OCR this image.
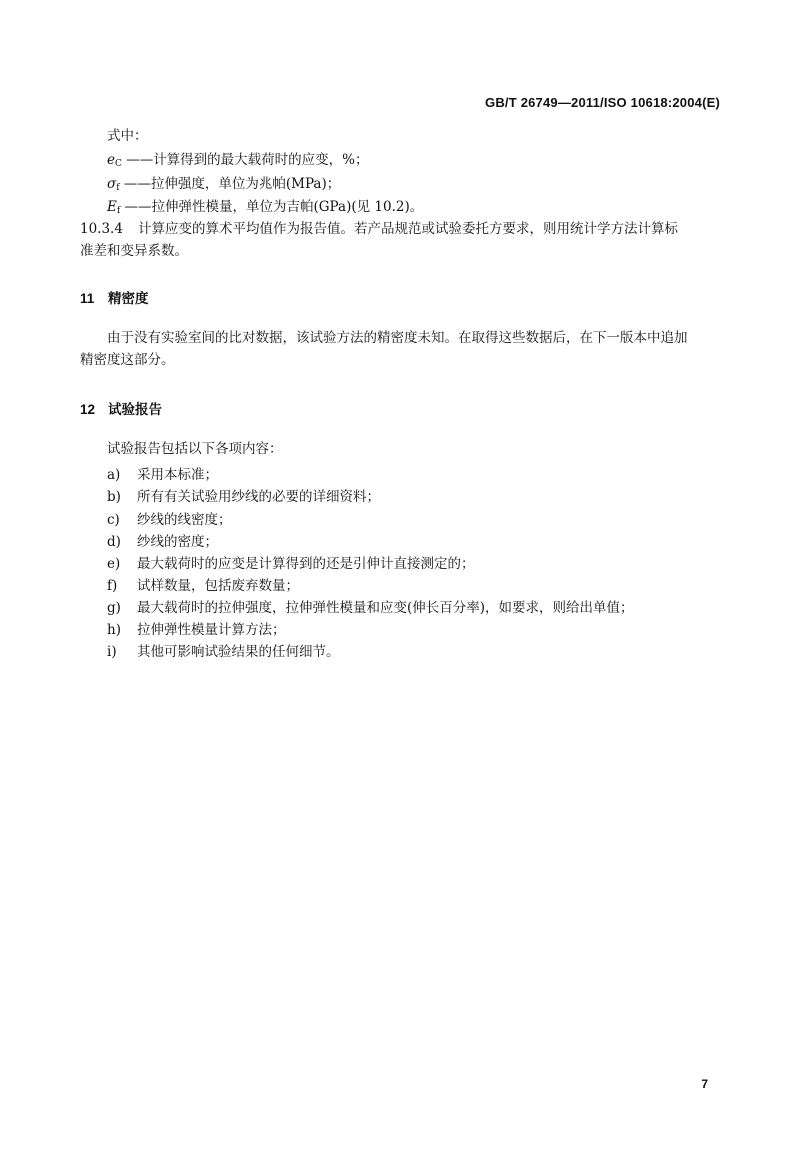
GB/T 26749—2011/ISO 10618:2004(E)
式中：
$e_C$ ——计算得到的最大载荷时的应变，%；
$\sigma_f$ ——拉伸强度，单位为兆帕(MPa)；
$E_f$ ——拉伸弹性模量，单位为吉帕(GPa)(见 10.2)。
10.3.4 计算应变的算术平均值作为报告值。若产品规范或试验委托方要求，则用统计学方法计算标
准差和变异系数。
11 精密度
由于没有实验室间的比对数据，该试验方法的精密度未知。在取得这些数据后，在下一版本中追加
精密度这部分。
12 试验报告
试验报告包括以下各项内容：
a) 采用本标准；
b) 所有有关试验用纱线的必要的详细资料；
c) 纱线的线密度；
d) 纱线的密度；
e) 最大载荷时的应变是计算得到的还是引伸计直接测定的；
f) 试样数量，包括废弃数量；
g) 最大载荷时的拉伸强度，拉伸弹性模量和应变(伸长百分率)，如要求，则给出单值；
h) 拉伸弹性模量计算方法；
i) 其他可影响试验结果的任何细节。
7
